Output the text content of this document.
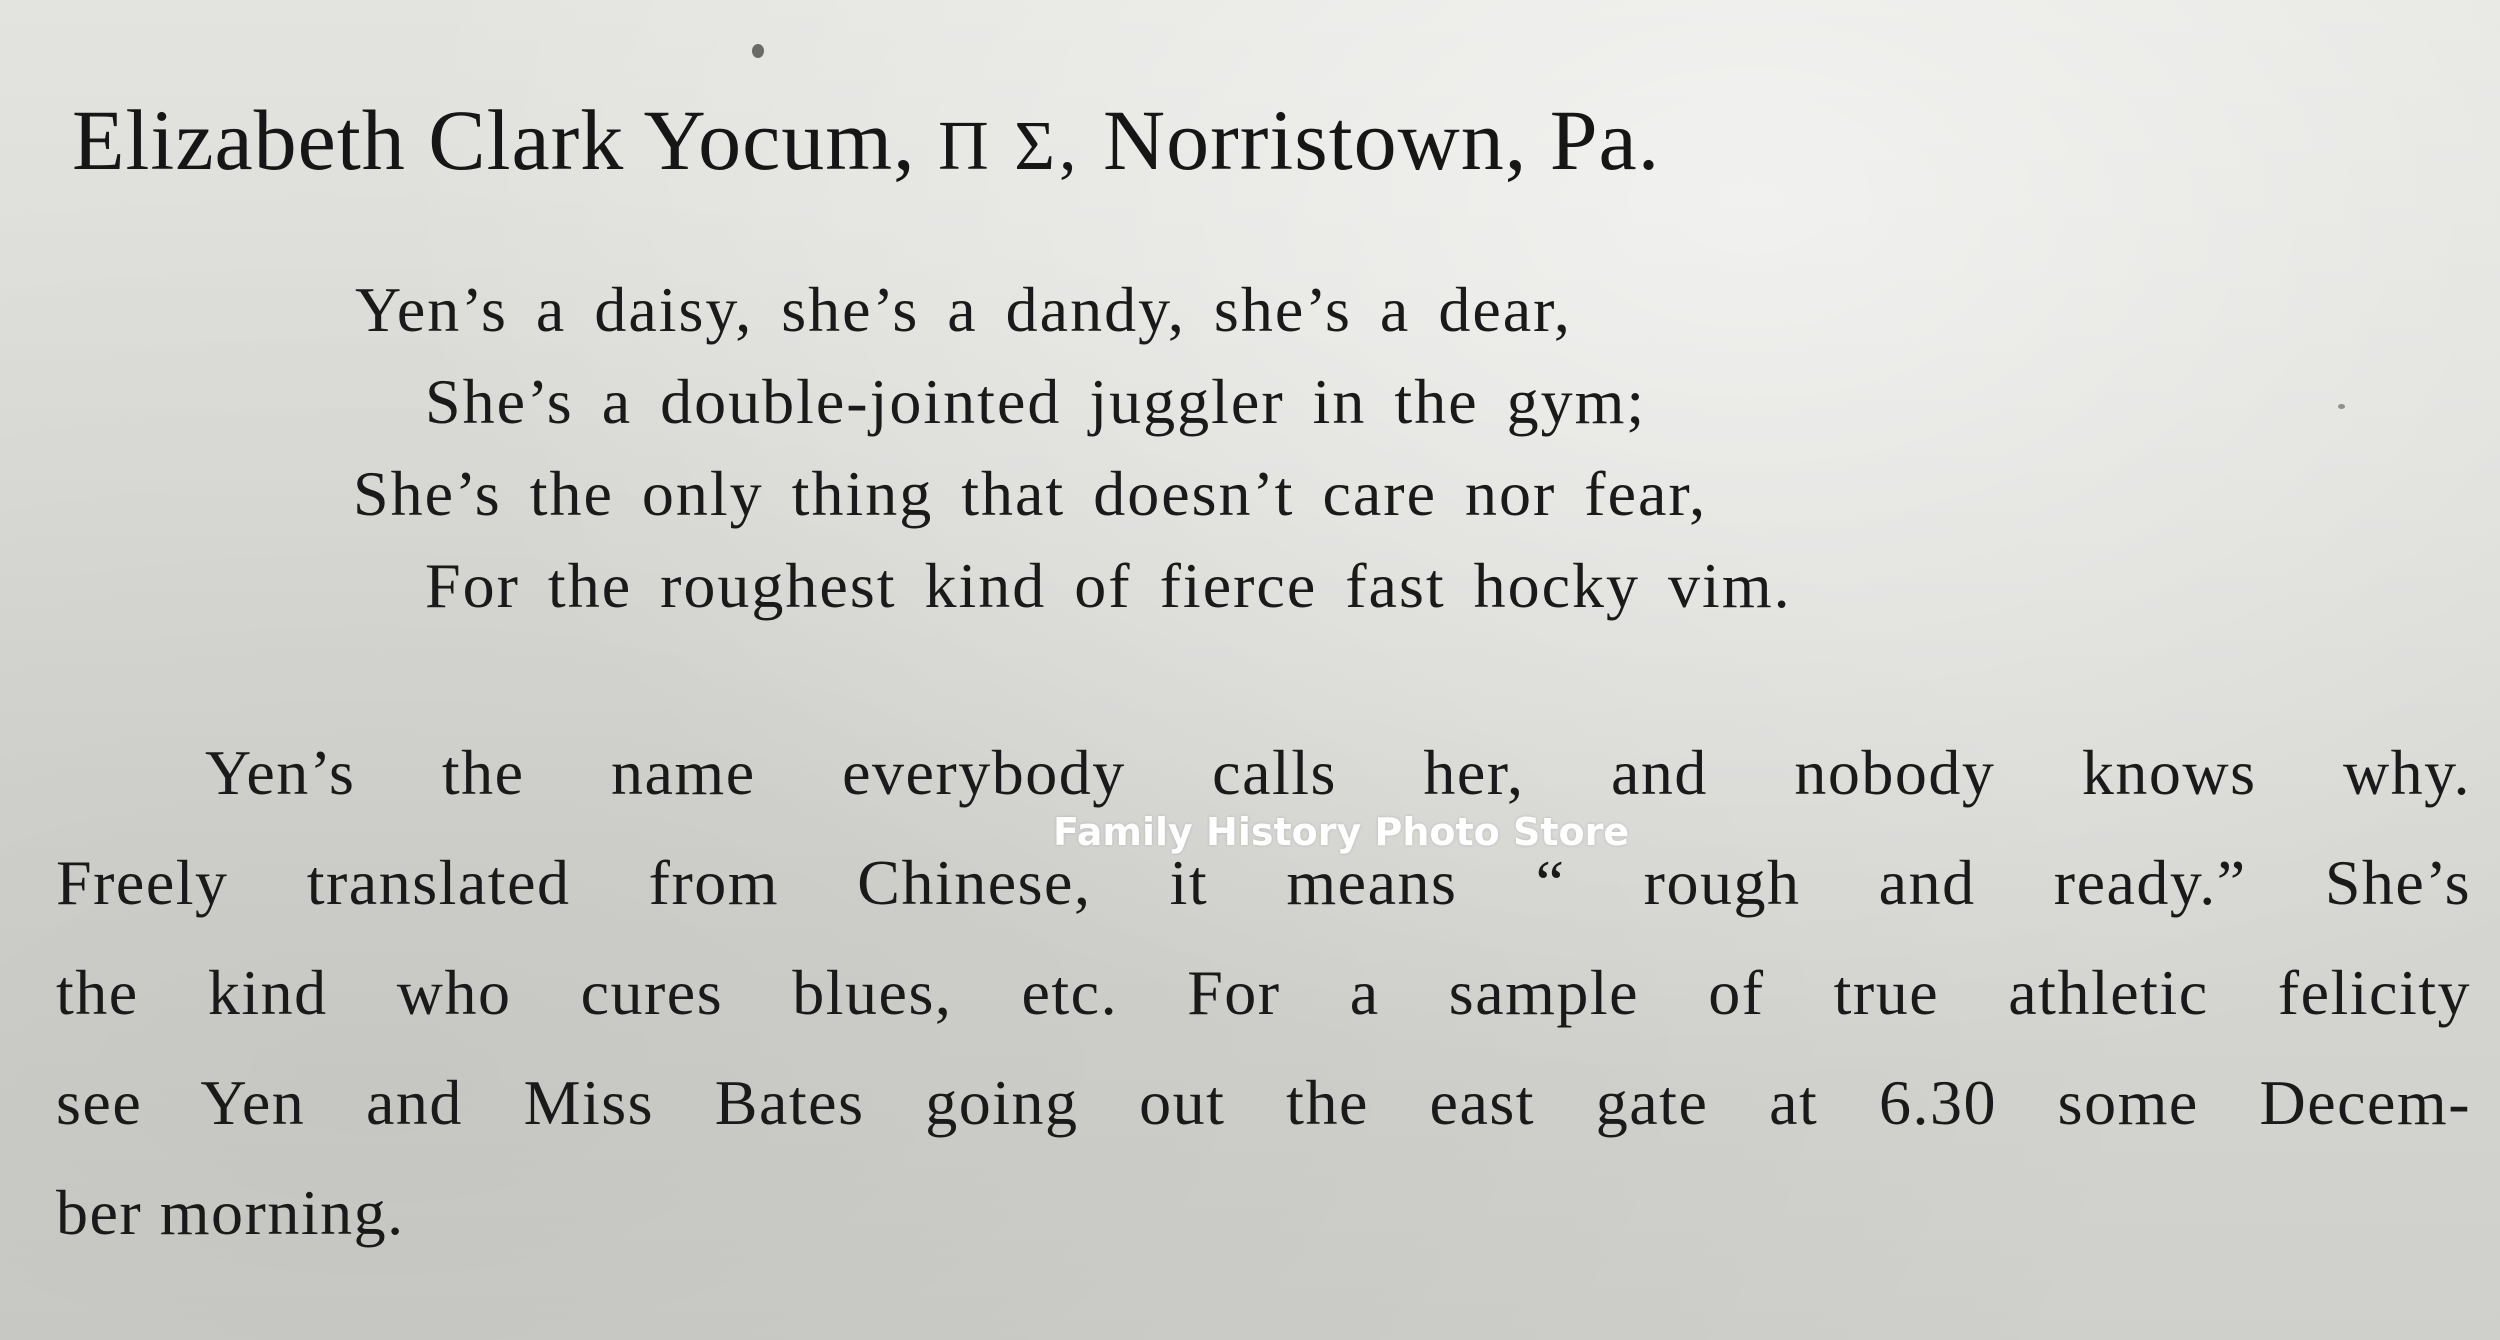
Elizabeth Clark Yocum, Π Σ, Norristown, Pa.

Yen’s a daisy, she’s a dandy, she’s a dear,

She’s a double-jointed juggler in the gym;

She’s the only thing that doesn’t care nor fear,

For the roughest kind of fierce fast hocky vim.

Yen’s the name everybody calls her, and nobody knows why.

Freely translated from Chinese, it means “ rough and ready.” She’s

the kind who cures blues, etc. For a sample of true athletic felicity

see Yen and Miss Bates going out the east gate at 6.30 some Decem-

ber morning.

Family History Photo Store
